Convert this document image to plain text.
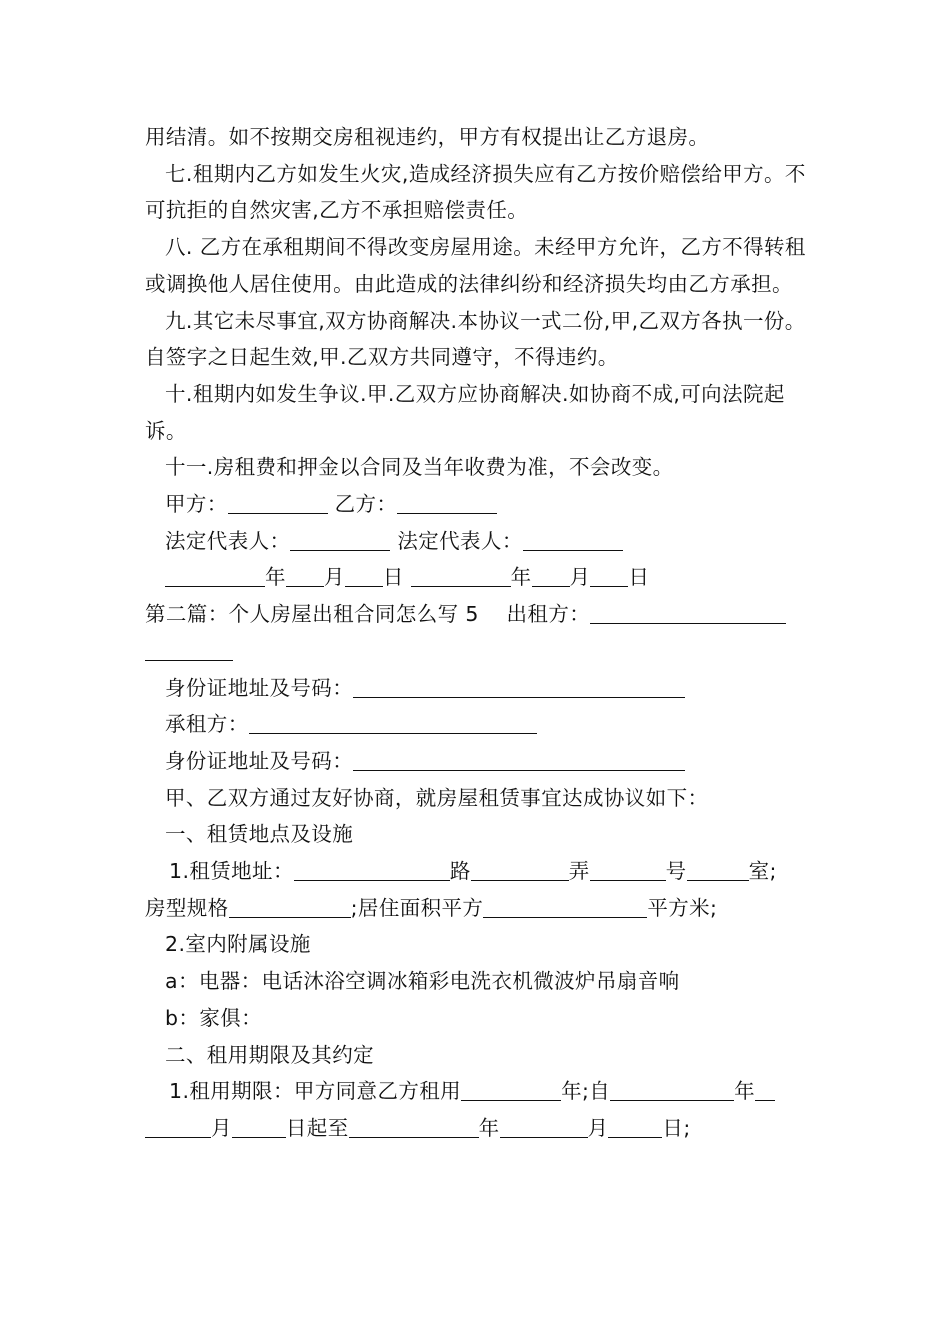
用结清。如不按期交房租视违约，甲方有权提出让乙方退房。

七.租期内乙方如发生火灾,造成经济损失应有乙方按价赔偿给甲方。不可抗拒的自然灾害,乙方不承担赔偿责任。

八. 乙方在承租期间不得改变房屋用途。未经甲方允许，乙方不得转租或调换他人居住使用。由此造成的法律纠纷和经济损失均由乙方承担。

九.其它未尽事宜,双方协商解决.本协议一式二份,甲,乙双方各执一份。自签字之日起生效,甲.乙双方共同遵守，不得违约。

十.租期内如发生争议.甲.乙双方应协商解决.如协商不成,可向法院起诉。

十一.房租费和押金以合同及当年收费为准，不会改变。

甲方：	乙方：

法定代表人：	法定代表人：

年 月 日	年 月 日

第二篇：个人房屋出租合同怎么写 5 出租方：

身份证地址及号码：

承租方：

身份证地址及号码：

甲、乙双方通过友好协商，就房屋租赁事宜达成协议如下：

一、租赁地点及设施

1.租赁地址：	路	弄	号	室;

房型规格	;居住面积平方	平方米;

2.室内附属设施

a：电器：电话沐浴空调冰箱彩电洗衣机微波炉吊扇音响

b：家俱：

二、租用期限及其约定

1.租用期限：甲方同意乙方租用	年;自	年

月	日起至	年	月	日;
